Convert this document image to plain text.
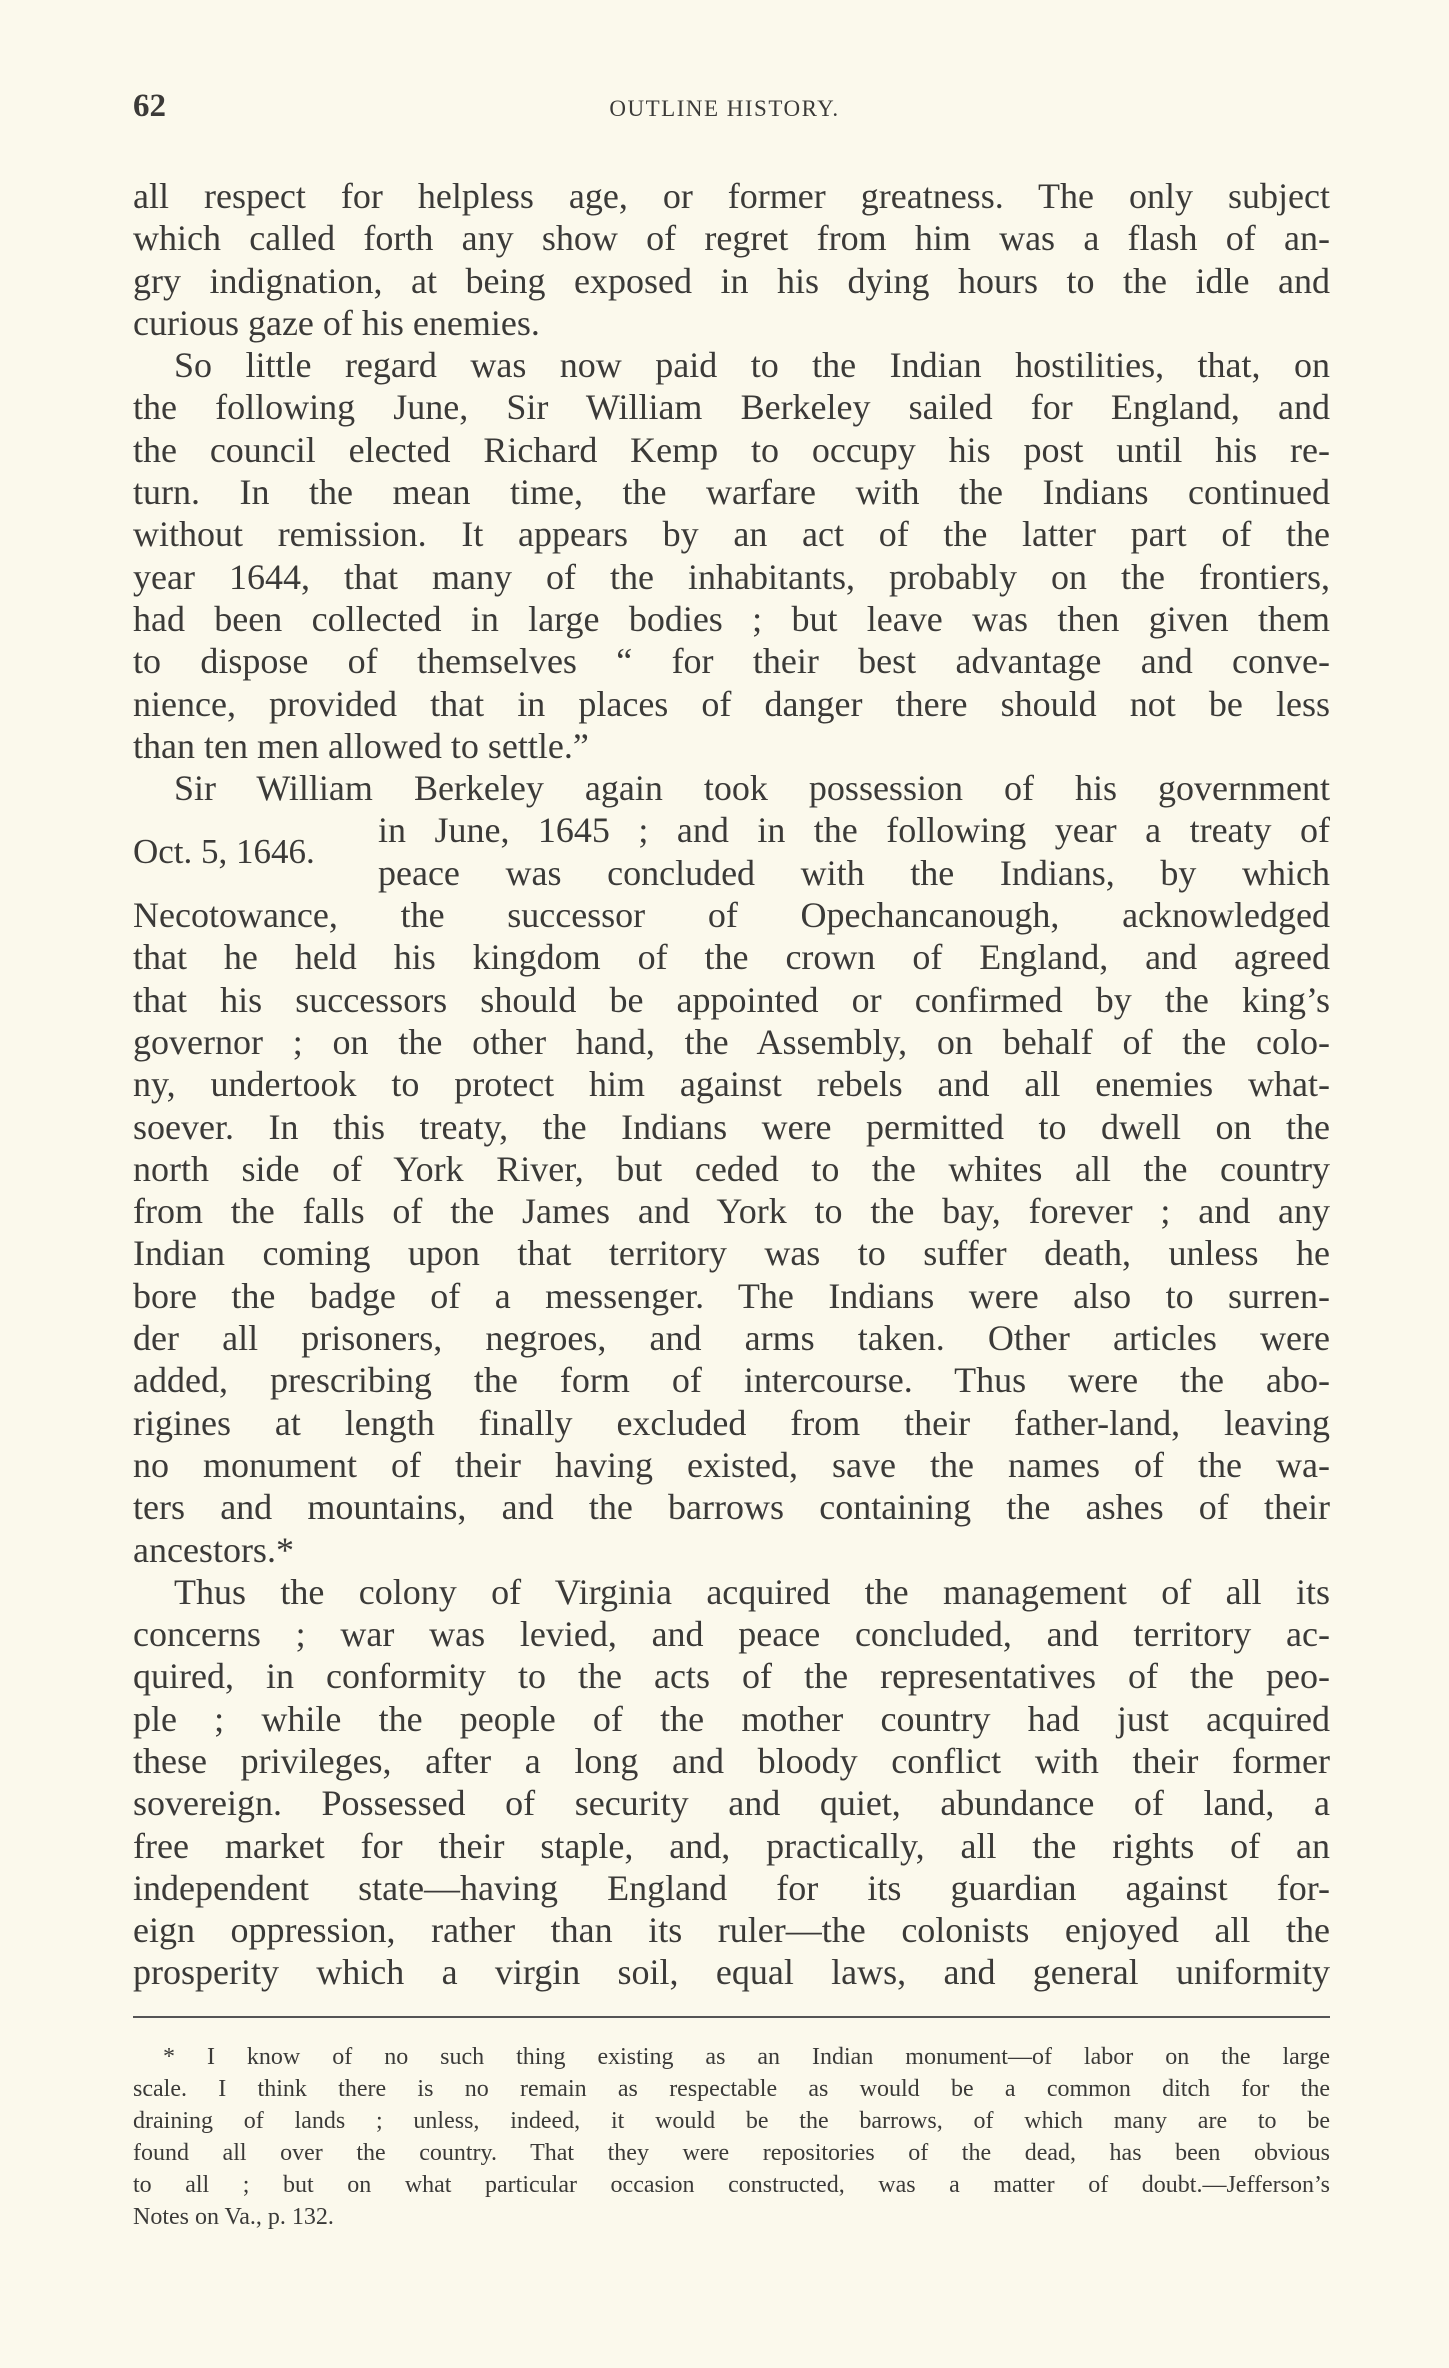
62	OUTLINE HISTORY.
all respect for helpless age, or former greatness. The only subject
which called forth any show of regret from him was a flash of an-
gry indignation, at being exposed in his dying hours to the idle and
curious gaze of his enemies.
So little regard was now paid to the Indian hostilities, that, on
the following June, Sir William Berkeley sailed for England, and
the council elected Richard Kemp to occupy his post until his re-
turn. In the mean time, the warfare with the Indians continued
without remission. It appears by an act of the latter part of the
year 1644, that many of the inhabitants, probably on the frontiers,
had been collected in large bodies ; but leave was then given them
to dispose of themselves “ for their best advantage and conve-
nience, provided that in places of danger there should not be less
than ten men allowed to settle.”
Sir William Berkeley again took possession of his government
in June, 1645 ; and in the following year a treaty of
peace was concluded with the Indians, by which
Necotowance, the successor of Opechancanough, acknowledged
that he held his kingdom of the crown of England, and agreed
that his successors should be appointed or confirmed by the king’s
governor ; on the other hand, the Assembly, on behalf of the colo-
ny, undertook to protect him against rebels and all enemies what-
soever. In this treaty, the Indians were permitted to dwell on the
north side of York River, but ceded to the whites all the country
from the falls of the James and York to the bay, forever ; and any
Indian coming upon that territory was to suffer death, unless he
bore the badge of a messenger. The Indians were also to surren-
der all prisoners, negroes, and arms taken. Other articles were
added, prescribing the form of intercourse. Thus were the abo-
rigines at length finally excluded from their father-land, leaving
no monument of their having existed, save the names of the wa-
ters and mountains, and the barrows containing the ashes of their
ancestors.*
Thus the colony of Virginia acquired the management of all its
concerns ; war was levied, and peace concluded, and territory ac-
quired, in conformity to the acts of the representatives of the peo-
ple ; while the people of the mother country had just acquired
these privileges, after a long and bloody conflict with their former
sovereign. Possessed of security and quiet, abundance of land, a
free market for their staple, and, practically, all the rights of an
independent state—having England for its guardian against for-
eign oppression, rather than its ruler—the colonists enjoyed all the
prosperity which a virgin soil, equal laws, and general uniformity
Oct. 5, 1646.
* I know of no such thing existing as an Indian monument—of labor on the large
scale. I think there is no remain as respectable as would be a common ditch for the
draining of lands ; unless, indeed, it would be the barrows, of which many are to be
found all over the country. That they were repositories of the dead, has been obvious
to all ; but on what particular occasion constructed, was a matter of doubt.—Jefferson’s
Notes on Va., p. 132.
